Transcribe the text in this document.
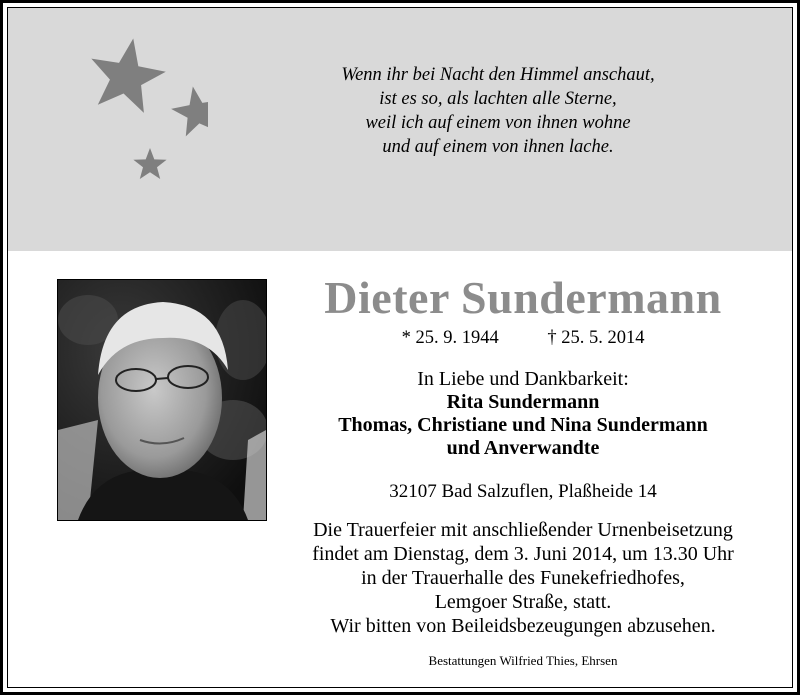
Wenn ihr bei Nacht den Himmel anschaut,
ist es so, als lachten alle Sterne,
weil ich auf einem von ihnen wohne
und auf einem von ihnen lache.
Dieter Sundermann
* 25. 9. 1944	† 25. 5. 2014
In Liebe und Dankbarkeit:
Rita Sundermann
Thomas, Christiane und Nina Sundermann
und Anverwandte
32107 Bad Salzuflen, Plaßheide 14
Die Trauerfeier mit anschließender Urnenbeisetzung
findet am Dienstag, dem 3. Juni 2014, um 13.30 Uhr
in der Trauerhalle des Funekefriedhofes,
Lemgoer Straße, statt.
Wir bitten von Beileidsbezeugungen abzusehen.
Bestattungen Wilfried Thies, Ehrsen
